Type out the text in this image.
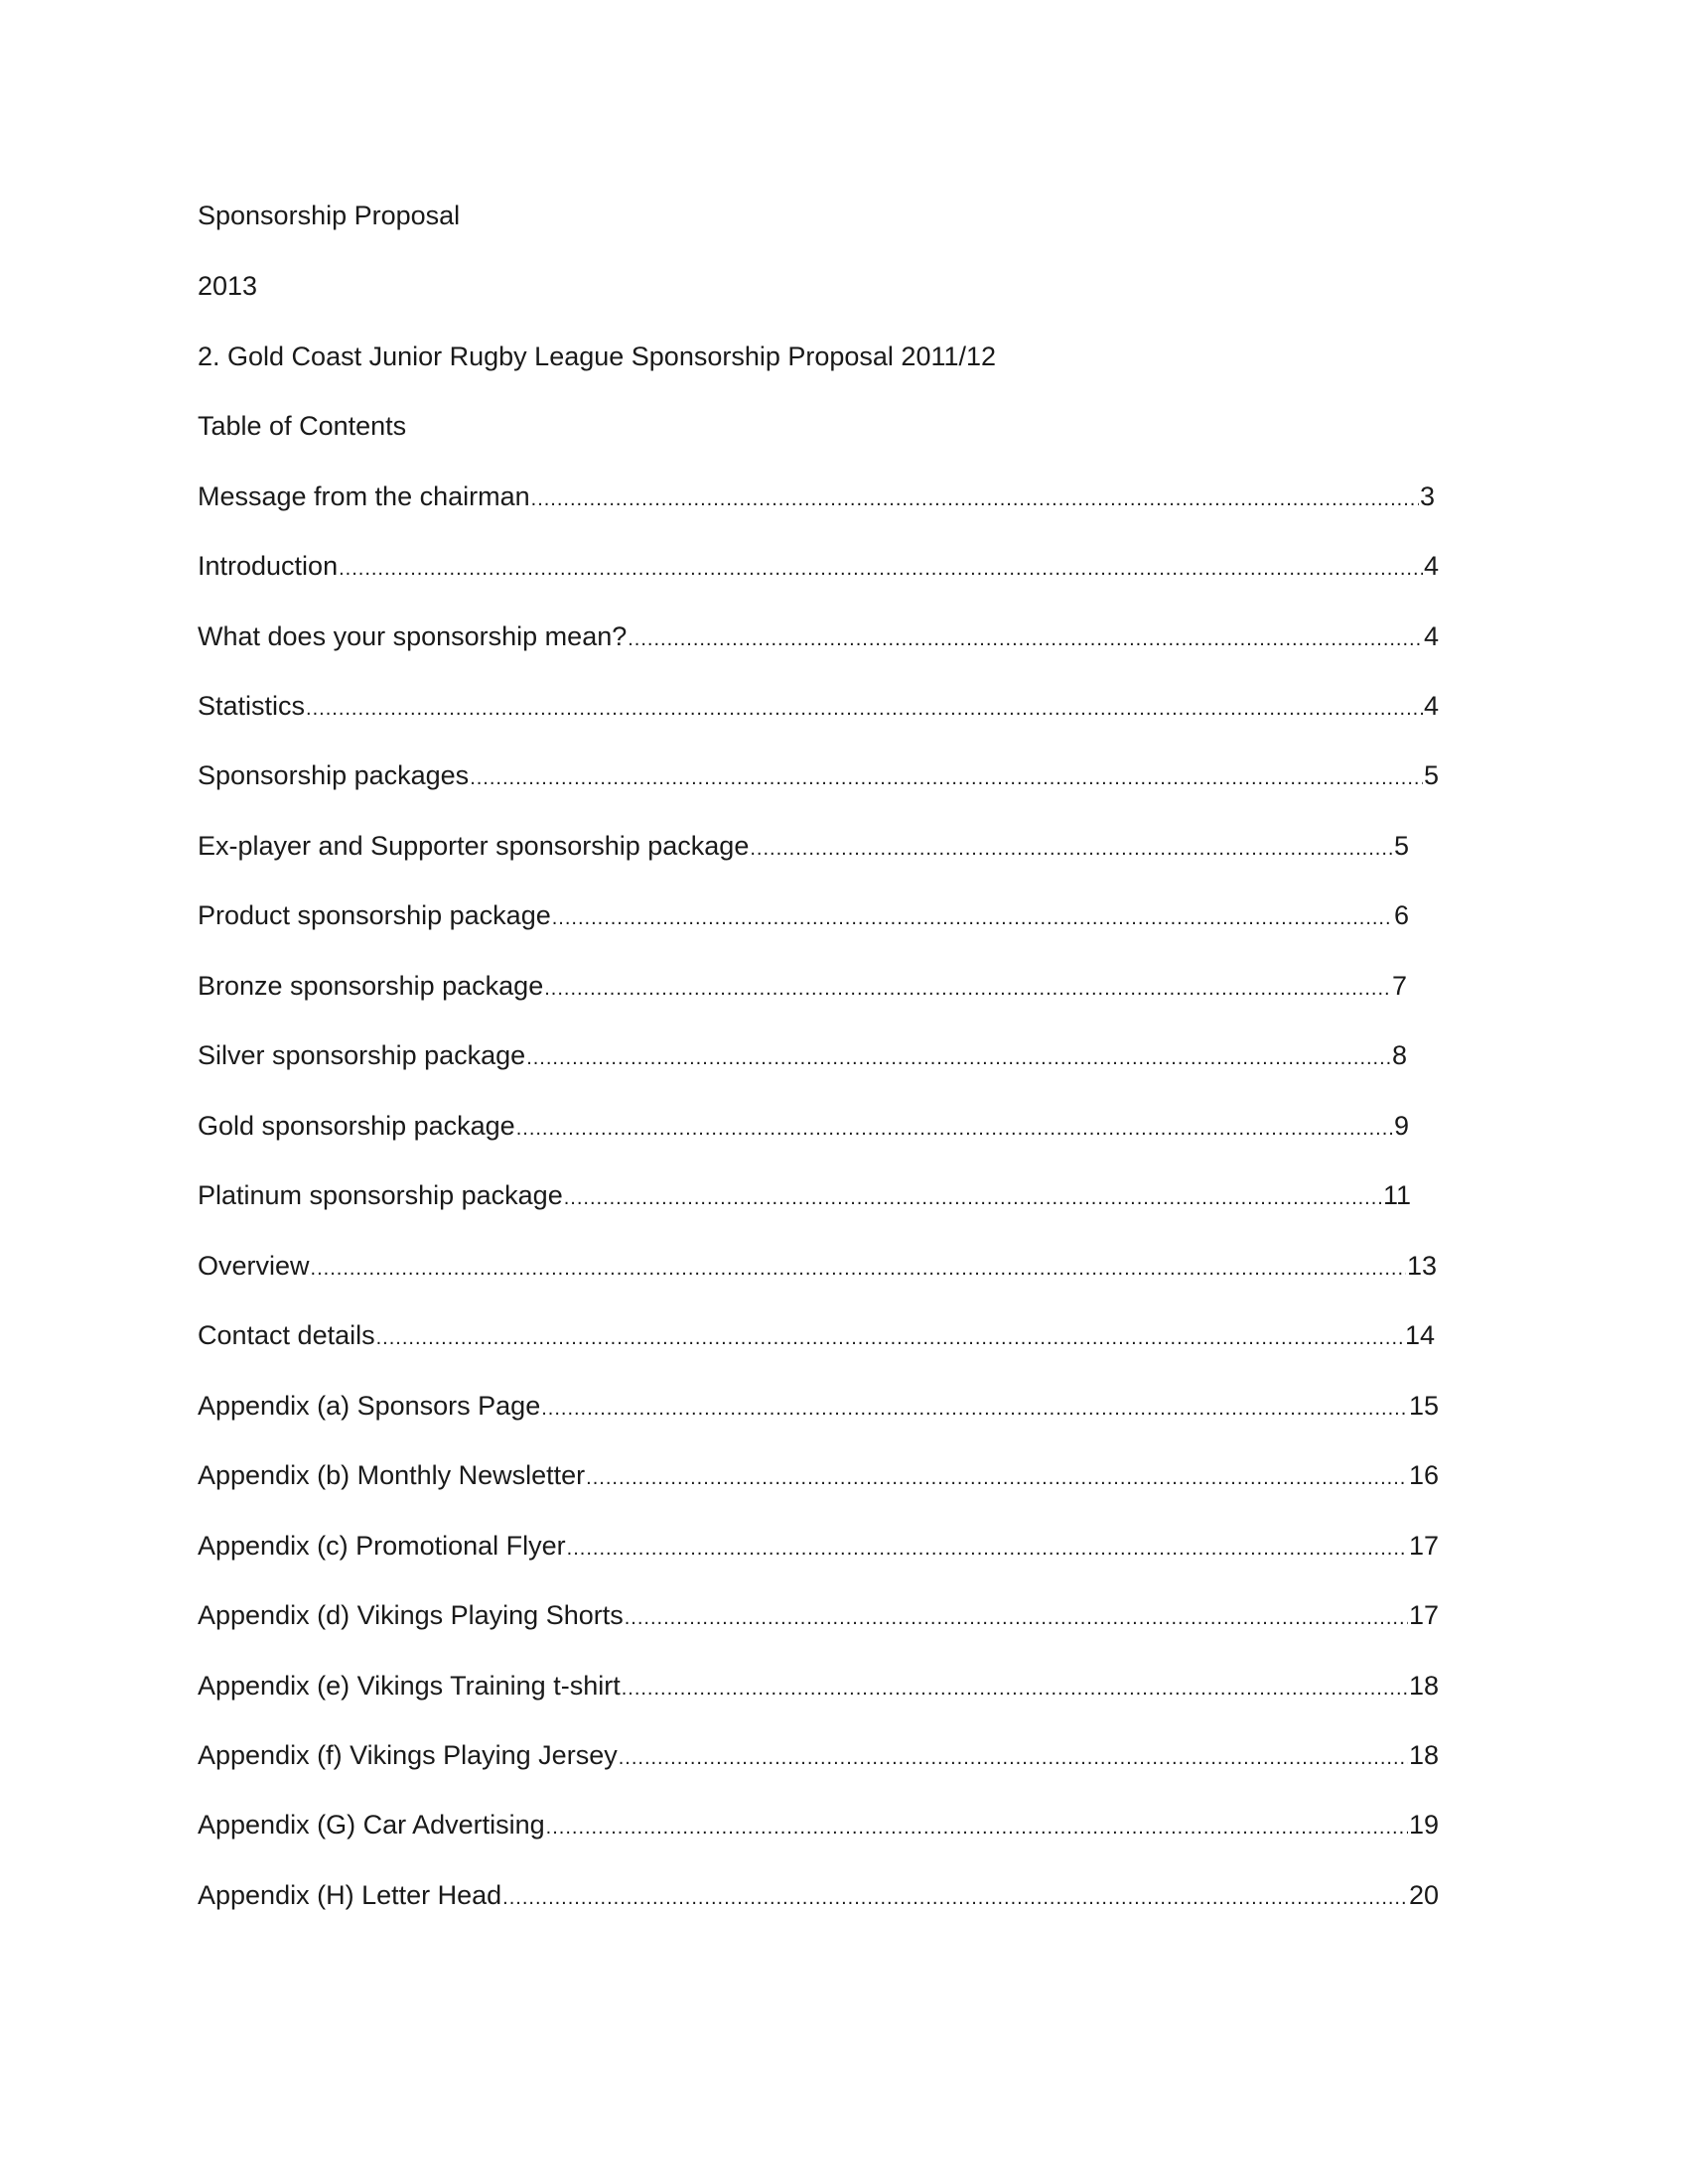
Sponsorship Proposal
2013
2. Gold Coast Junior Rugby League Sponsorship Proposal 2011/12
Table of Contents
Message from the chairman .....	3
Introduction .....	4
What does your sponsorship mean? .....	4
Statistics .....	4
Sponsorship packages .....	5
Ex-player and Supporter sponsorship package .....	5
Product sponsorship package .....	6
Bronze sponsorship package .....	7
Silver sponsorship package .....	8
Gold sponsorship package .....	9
Platinum sponsorship package .....	11
Overview .....	13
Contact details .....	14
Appendix (a) Sponsors Page .....	15
Appendix (b) Monthly Newsletter .....	16
Appendix (c) Promotional Flyer .....	17
Appendix (d) Vikings Playing Shorts .....	17
Appendix (e) Vikings Training t-shirt .....	18
Appendix (f) Vikings Playing Jersey .....	18
Appendix (G) Car Advertising .....	19
Appendix (H) Letter Head .....	20
